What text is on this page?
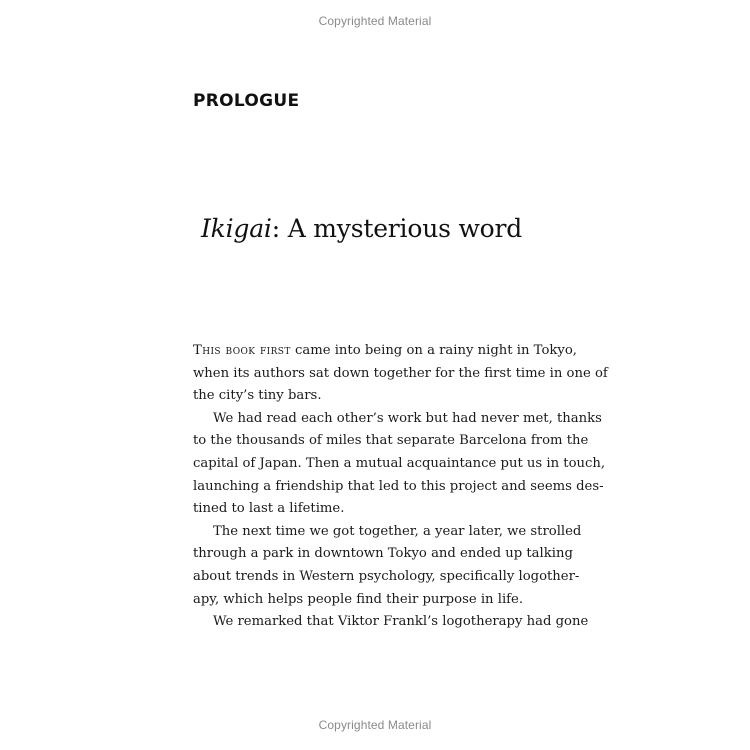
Copyrighted Material
PROLOGUE
Ikigai: A mysterious word

This book first came into being on a rainy night in Tokyo,
when its authors sat down together for the first time in one of
the city’s tiny bars.

We had read each other’s work but had never met, thanks
to the thousands of miles that separate Barcelona from the
capital of Japan. Then a mutual acquaintance put us in touch,
launching a friendship that led to this project and seems des-
tined to last a lifetime.

The next time we got together, a year later, we strolled
through a park in downtown Tokyo and ended up talking
about trends in Western psychology, specifically logother-
apy, which helps people find their purpose in life.

We remarked that Viktor Frankl’s logotherapy had gone

Copyrighted Material
